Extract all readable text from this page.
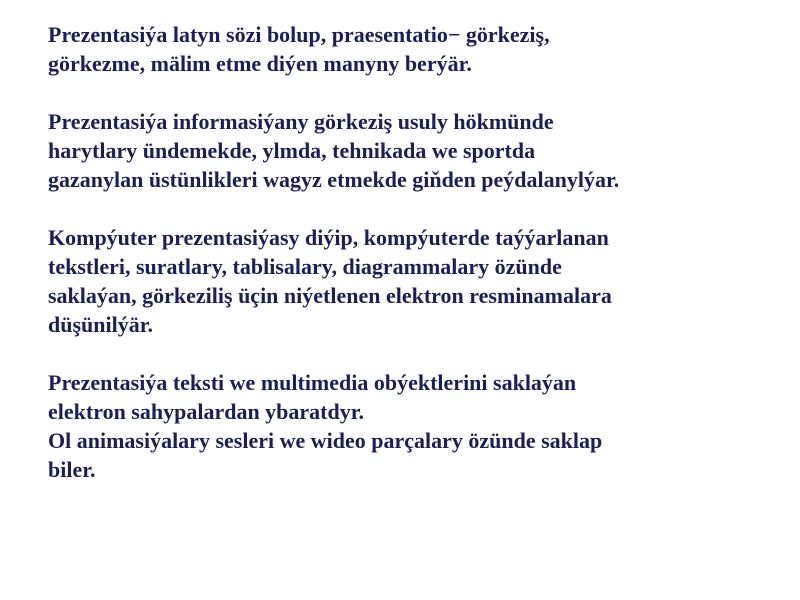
Prezentasiýa latyn sözi bolup, praesentatio− görkeziş,
görkezme, mälim etme diýen manyny berýär.

Prezentasiýa informasiýany görkeziş usuly hökmünde
harytlary ündemekde, ylmda, tehnikada we sportda
gazanylan üstünlikleri wagyz etmekde giňden peýdalanylýar.

Kompýuter prezentasiýasy diýip, kompýuterde taýýarlanan
tekstleri, suratlary, tablisalary, diagrammalary özünde
saklaýan, görkeziliş üçin niýetlenen elektron resminamalara
düşünilýär.

Prezentasiýa teksti we multimedia obýektlerini saklaýan
elektron sahypalardan ybaratdyr.
Ol animasiýalary sesleri we wideo parçalary özünde saklap
biler.
